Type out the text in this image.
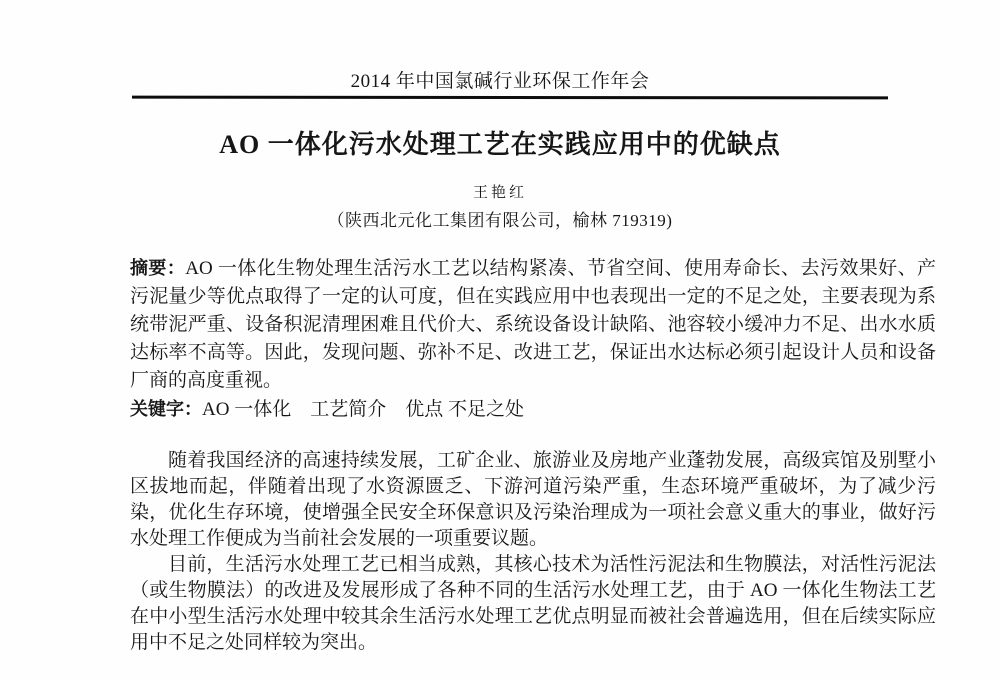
2014 年中国氯碱行业环保工作年会
AO 一体化污水处理工艺在实践应用中的优缺点
王艳红
（陕西北元化工集团有限公司，榆林 719319)

摘要：AO 一体化生物处理生活污水工艺以结构紧凑、节省空间、使用寿命长、去污效果好、产污泥量少等优点取得了一定的认可度，但在实践应用中也表现出一定的不足之处，主要表现为系统带泥严重、设备积泥清理困难且代价大、系统设备设计缺陷、池容较小缓冲力不足、出水水质达标率不高等。因此，发现问题、弥补不足、改进工艺，保证出水达标必须引起设计人员和设备厂商的高度重视。

关键字：AO 一体化　工艺简介　优点 不足之处

随着我国经济的高速持续发展，工矿企业、旅游业及房地产业蓬勃发展，高级宾馆及别墅小区拔地而起，伴随着出现了水资源匮乏、下游河道污染严重，生态环境严重破坏，为了减少污染，优化生存环境，使增强全民安全环保意识及污染治理成为一项社会意义重大的事业，做好污水处理工作便成为当前社会发展的一项重要议题。

目前，生活污水处理工艺已相当成熟，其核心技术为活性污泥法和生物膜法，对活性污泥法（或生物膜法）的改进及发展形成了各种不同的生活污水处理工艺，由于 AO 一体化生物法工艺在中小型生活污水处理中较其余生活污水处理工艺优点明显而被社会普遍选用，但在后续实际应用中不足之处同样较为突出。
